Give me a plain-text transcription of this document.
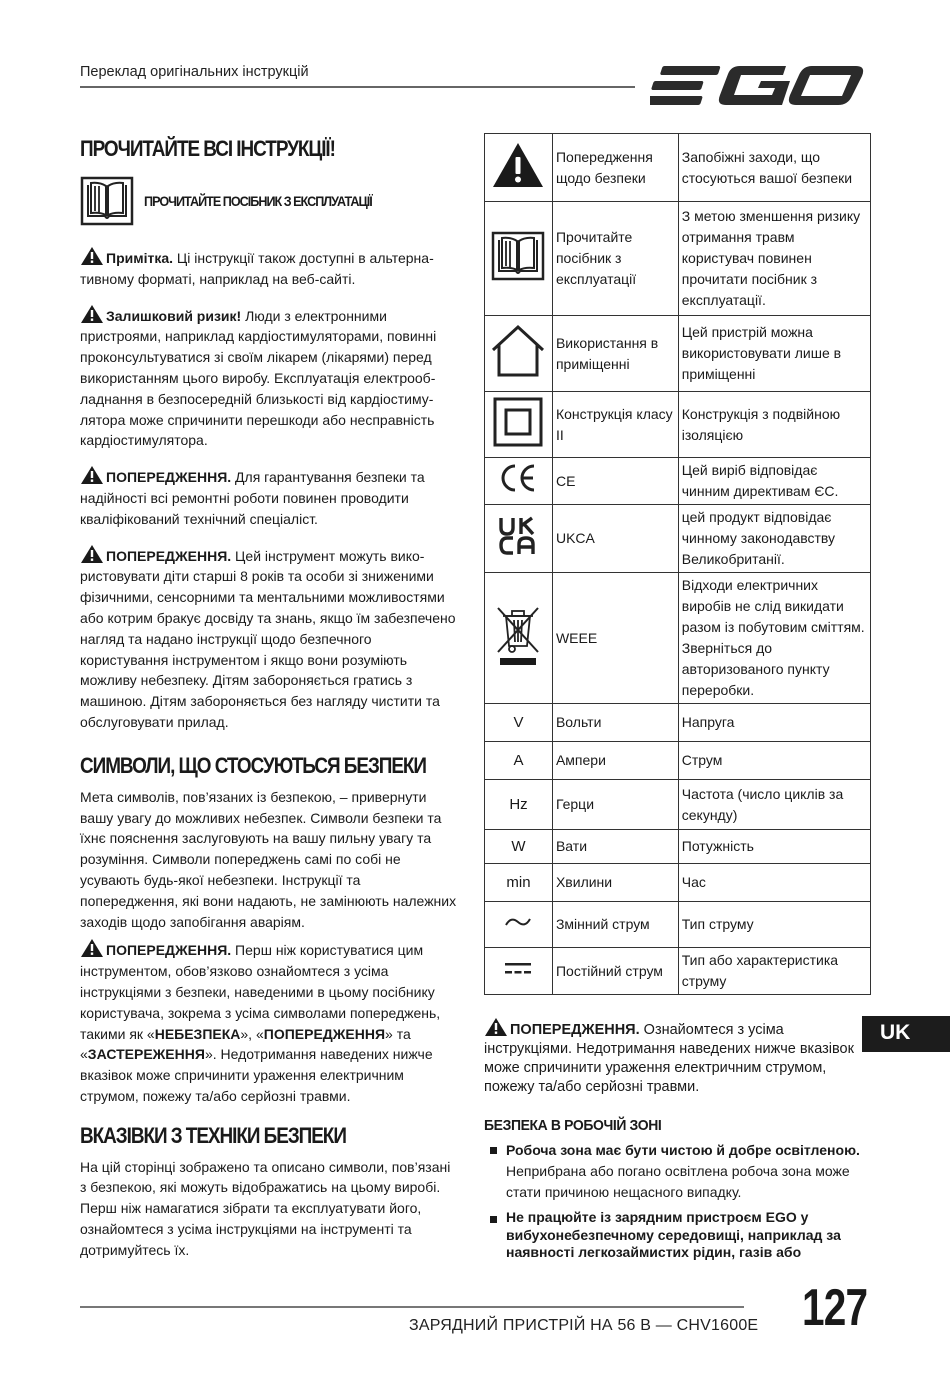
Переклад оригінальних інструкцій
ПРОЧИТАЙТЕ ВСІ ІНСТРУКЦІЇ!
ПРОЧИТАЙТЕ ПОСІБНИК З ЕКСПЛУАТАЦІЇ

Примітка. Ці інструкції також доступні в альтернативному форматі, наприклад на веб-сайті.

Залишковий ризик! Люди з електронними пристроями, наприклад кардіостимуляторами, повинні проконсультуватися зі своїм лікарем (лікарями) перед використанням цього виробу. Експлуатація електрообладнання в безпосередній близькості від кардіостимулятора може спричинити перешкоди або несправність кардіостимулятора.

ПОПЕРЕДЖЕННЯ. Для гарантування безпеки та надійності всі ремонтні роботи повинен проводити кваліфікований технічний спеціаліст.

ПОПЕРЕДЖЕННЯ. Цей інструмент можуть використовувати діти старші 8 років та особи зі зниженими фізичними, сенсорними та ментальними можливостями або котрим бракує досвіду та знань, якщо їм забезпечено нагляд та надано інструкції щодо безпечного користування інструментом і якщо вони розуміють можливу небезпеку. Дітям забороняється гратись з машиною. Дітям забороняється без нагляду чистити та обслуговувати прилад.

СИМВОЛИ, ЩО СТОСУЮТЬСЯ БЕЗПЕКИ

Мета символів, пов’язаних із безпекою, – привернути вашу увагу до можливих небезпек. Символи безпеки та їхнє пояснення заслуговують на вашу пильну увагу та розуміння. Символи попереджень самі по собі не усувають будь-якої небезпеки. Інструкції та попередження, які вони надають, не замінюють належних заходів щодо запобігання аваріям.

ПОПЕРЕДЖЕННЯ. Перш ніж користуватися цим інструментом, обов’язково ознайомтеся з усіма інструкціями з безпеки, наведеними в цьому посібнику користувача, зокрема з усіма символами попереджень, такими як «НЕБЕЗПЕКА», «ПОПЕРЕДЖЕННЯ» та «ЗАСТЕРЕЖЕННЯ». Недотримання наведених нижче вказівок може спричинити ураження електричним струмом, пожежу та/або серйозні травми.

ВКАЗІВКИ З ТЕХНІКИ БЕЗПЕКИ

На цій сторінці зображено та описано символи, пов’язані з безпекою, які можуть відображатись на цьому виробі. Перш ніж намагатися зібрати та експлуатувати його, ознайомтеся з усіма інструкціями на інструменті та дотримуйтесь їх.

	Попередження щодо безпеки	Запобіжні заходи, що стосуються вашої безпеки
	Прочитайте посібник з експлуатації	З метою зменшення ризику отримання травм користувач повинен прочитати посібник з експлуатації.
	Використання в приміщенні	Цей пристрій можна використовувати лише в приміщенні
	Конструкція класу II	Конструкція з подвійною ізоляцією
	CE	Цей виріб відповідає чинним директивам ЄС.
	UKCA	цей продукт відповідає чинному законодавству Великобританії.
	WEEE	Відходи електричних виробів не слід викидати разом із побутовим сміттям. Зверніться до авторизованого пункту переробки.
V	Вольти	Напруга
A	Ампери	Струм
Hz	Герци	Частота (число циклів за секунду)
W	Вати	Потужність
min	Хвилини	Час
	Змінний струм	Тип струму
	Постійний струм	Тип або характеристика струму

ПОПЕРЕДЖЕННЯ. Ознайомтеся з усіма інструкціями. Недотримання наведених нижче вказівок може спричинити ураження електричним струмом, пожежу та/або серйозні травми.

БЕЗПЕКА В РОБОЧІЙ ЗОНІ
Робоча зона має бути чистою й добре освітленою. Неприбрана або погано освітлена робоча зона може стати причиною нещасного випадку.
Не працюйте із зарядним пристроєм EGO у вибухонебезпечному середовищі, наприклад за наявності легкозаймистих рідин, газів або
UK
ЗАРЯДНИЙ ПРИСТРІЙ НА 56 В — CHV1600E 127
